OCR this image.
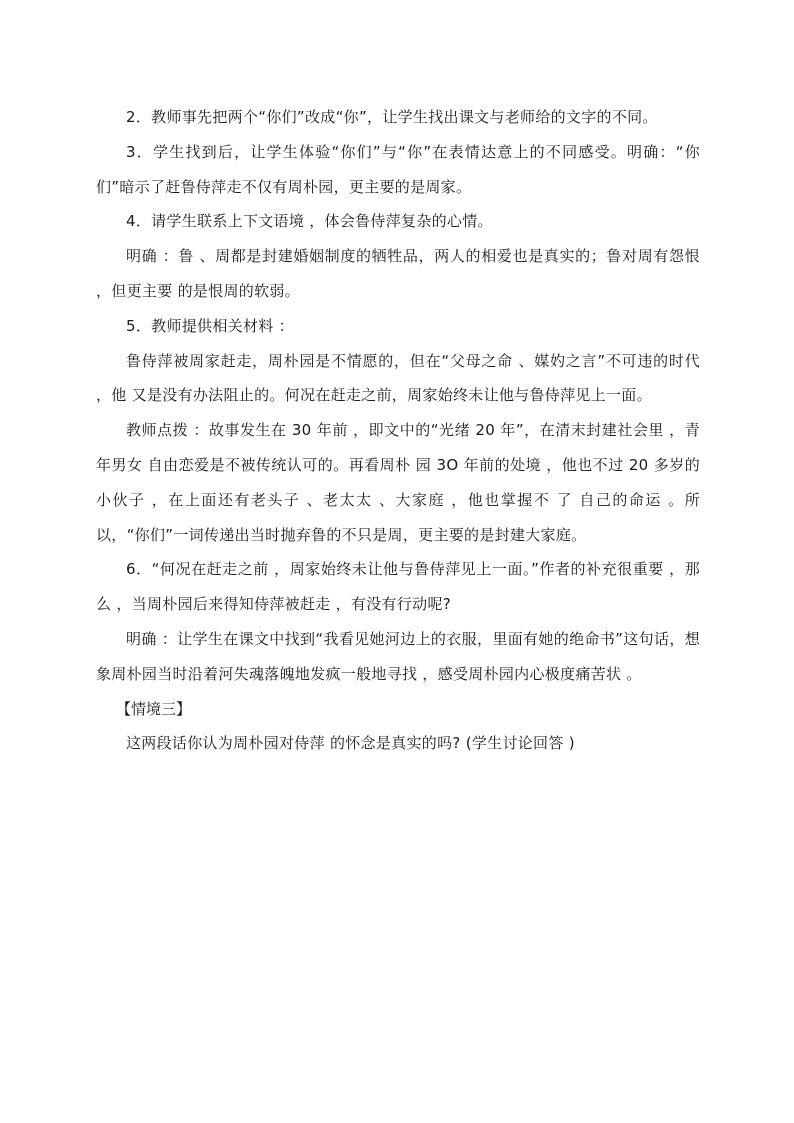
2．教师事先把两个“你们”改成“你”，让学生找出课文与老师给的文字的不同。

3．学生找到后，让学生体验“你们”与“你”在表情达意上的不同感受。明确：“你们”暗示了赶鲁侍萍走不仅有周朴园，更主要的是周家。

4．请学生联系上下文语境 ，体会鲁侍萍复杂的心情。

明确 ：鲁 、周都是封建婚姻制度的牺牲品，两人的相爱也是真实的；鲁对周有怨恨 ，但更主要 的是恨周的软弱。

5．教师提供相关材料 ：

鲁侍萍被周家赶走，周朴园是不情愿的，但在“父母之命 、媒妁之言”不可违的时代 ，他 又是没有办法阻止的。何况在赶走之前，周家始终未让他与鲁侍萍见上一面。

教师点拨 ：故事发生在 30 年前 ，即文中的“光绪 20 年”，在清末封建社会里 ，青年男女 自由恋爱是不被传统认可的。再看周朴 园 3O 年前的处境 ，他也不过 20 多岁的小伙子 ，在上面还有老头子 、老太太 、大家庭 ，他也掌握不 了 自己的命运 。所 以，“你们”一词传递出当时抛弃鲁的不只是周，更主要的是封建大家庭。

6．“何况在赶走之前 ，周家始终未让他与鲁侍萍见上一面。”作者的补充很重要 ，那么 ，当周朴园后来得知侍萍被赶走 ，有没有行动呢?

明确 ：让学生在课文中找到“我看见她河边上的衣服，里面有她的绝命书”这句话，想象周朴园当时沿着河失魂落魄地发疯一般地寻找 ，感受周朴园内心极度痛苦状 。

【情境三】

这两段话你认为周朴园对侍萍 的怀念是真实的吗? (学生讨论回答 )
